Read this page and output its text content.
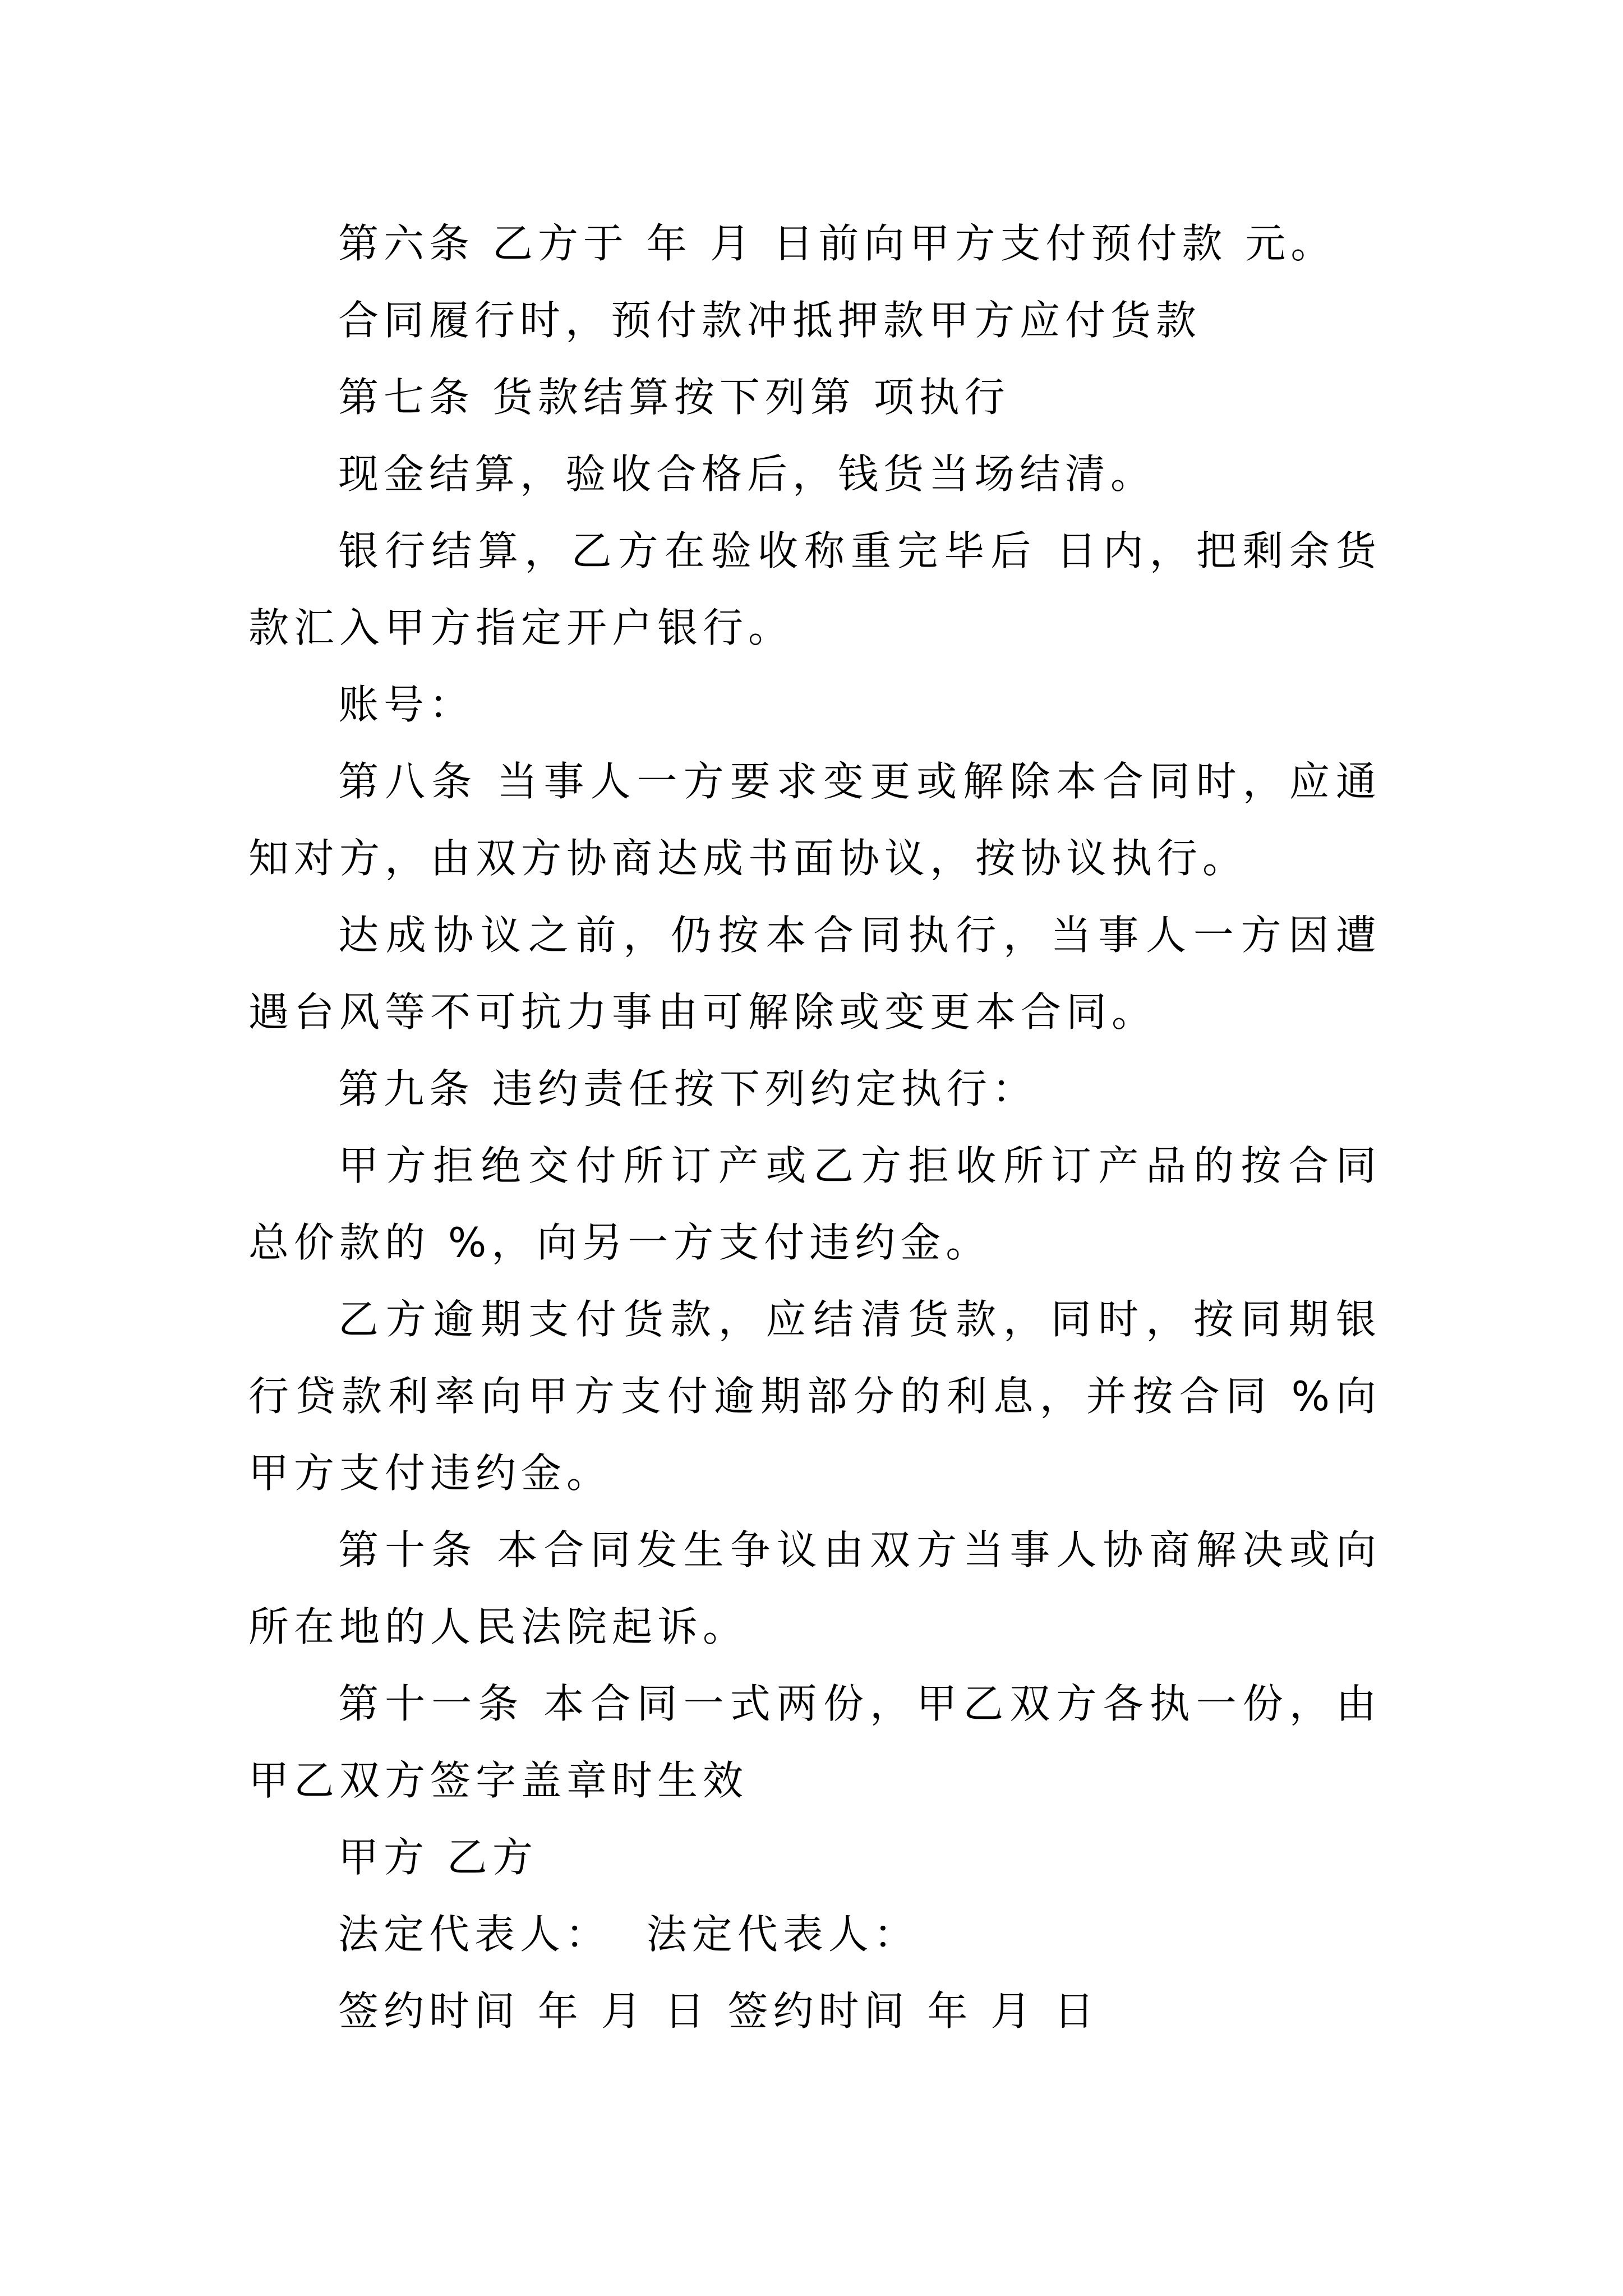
第六条 乙方于 年 月 日前向甲方支付预付款 元。

合同履行时，预付款冲抵押款甲方应付货款

第七条 货款结算按下列第 项执行

现金结算，验收合格后，钱货当场结清。

银行结算，乙方在验收称重完毕后 日内，把剩余货款汇入甲方指定开户银行。

账号：

第八条 当事人一方要求变更或解除本合同时，应通知对方，由双方协商达成书面协议，按协议执行。

达成协议之前，仍按本合同执行，当事人一方因遭遇台风等不可抗力事由可解除或变更本合同。

第九条 违约责任按下列约定执行：

甲方拒绝交付所订产或乙方拒收所订产品的按合同总价款的 %，向另一方支付违约金。

乙方逾期支付货款，应结清货款，同时，按同期银行贷款利率向甲方支付逾期部分的利息，并按合同 %向甲方支付违约金。

第十条 本合同发生争议由双方当事人协商解决或向所在地的人民法院起诉。

第十一条 本合同一式两份，甲乙双方各执一份，由甲乙双方签字盖章时生效

甲方 乙方

法定代表人：  法定代表人：

签约时间 年 月 日 签约时间 年 月 日
